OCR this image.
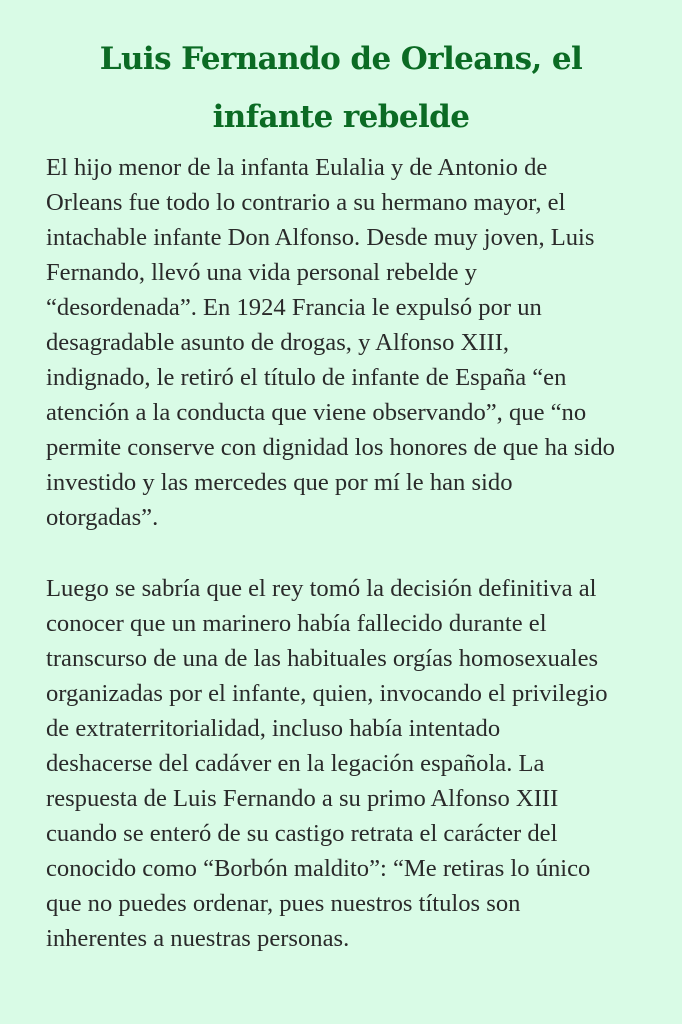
Luis Fernando de Orleans, el
infante rebelde

El hijo menor de la infanta Eulalia y de Antonio de
Orleans fue todo lo contrario a su hermano mayor, el
intachable infante Don Alfonso. Desde muy joven, Luis
Fernando, llevó una vida personal rebelde y
“desordenada”. En 1924 Francia le expulsó por un
desagradable asunto de drogas, y Alfonso XIII,
indignado, le retiró el título de infante de España “en
atención a la conducta que viene observando”, que “no
permite conserve con dignidad los honores de que ha sido
investido y las mercedes que por mí le han sido
otorgadas”.

Luego se sabría que el rey tomó la decisión definitiva al
conocer que un marinero había fallecido durante el
transcurso de una de las habituales orgías homosexuales
organizadas por el infante, quien, invocando el privilegio
de extraterritorialidad, incluso había intentado
deshacerse del cadáver en la legación española. La
respuesta de Luis Fernando a su primo Alfonso XIII
cuando se enteró de su castigo retrata el carácter del
conocido como “Borbón maldito”: “Me retiras lo único
que no puedes ordenar, pues nuestros títulos son
inherentes a nuestras personas.
